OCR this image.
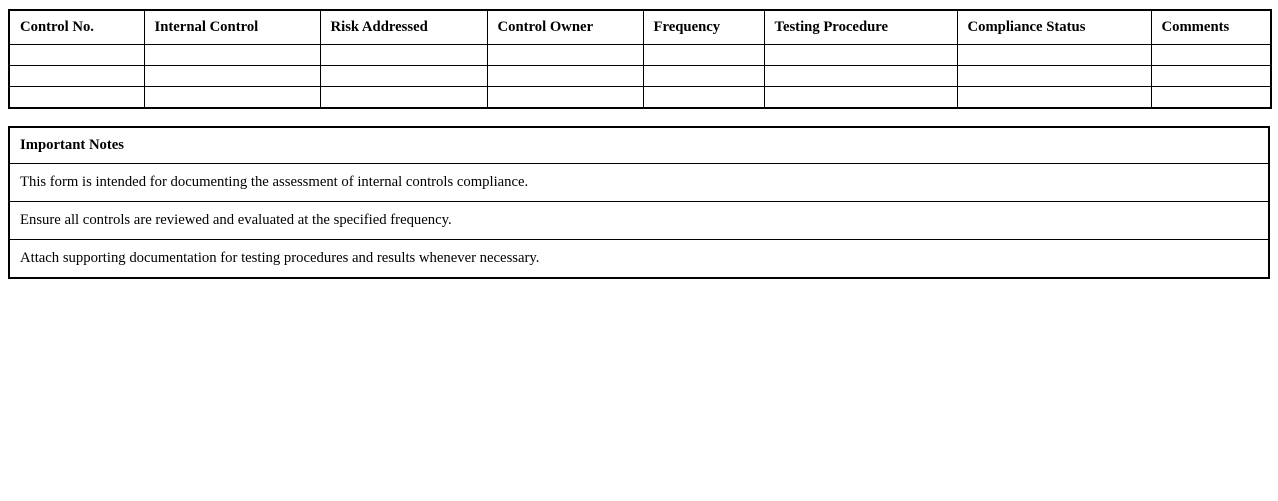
Control No.	Internal Control	Risk Addressed	Control Owner	Frequency	Testing Procedure	Compliance Status	Comments

Important Notes
This form is intended for documenting the assessment of internal controls compliance.
Ensure all controls are reviewed and evaluated at the specified frequency.
Attach supporting documentation for testing procedures and results whenever necessary.
